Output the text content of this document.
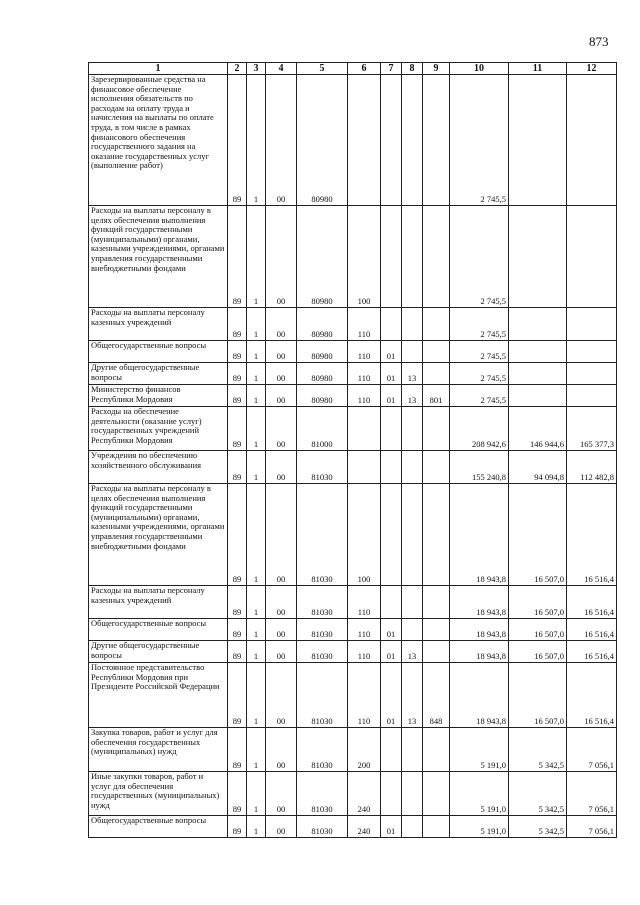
873
1	2	3	4	5	6	7	8	9	10	11	12
Зарезервированные средства на финансовое обеспечение исполнения обязательств по расходам на оплату труда и начисления на выплаты по оплате труда, в том числе в рамках финансового обеспечения государственного задания на оказание государственных услуг (выполнение работ)	89	1	00	80980					2 745,5		
Расходы на выплаты персоналу в целях обеспечения выполнения функций государственными (муниципальными) органами, казенными учреждениями, органами управления государственными внебюджетными фондами	89	1	00	80980	100				2 745,5		
Расходы на выплаты персоналу казенных учреждений	89	1	00	80980	110				2 745,5		
Общегосударственные вопросы	89	1	00	80980	110	01			2 745,5		
Другие общегосударственные вопросы	89	1	00	80980	110	01	13		2 745,5		
Министерство финансов Республики Мордовия	89	1	00	80980	110	01	13	801	2 745,5		
Расходы на обеспечение деятельности (оказание услуг) государственных учреждений Республики Мордовия	89	1	00	81000					208 942,6	146 944,6	165 377,3
Учреждения по обеспечению хозяйственного обслуживания	89	1	00	81030					155 240,8	94 094,8	112 482,8
Расходы на выплаты персоналу в целях обеспечения выполнения функций государственными (муниципальными) органами, казенными учреждениями, органами управления государственными внебюджетными фондами	89	1	00	81030	100				18 943,8	16 507,0	16 516,4
Расходы на выплаты персоналу казенных учреждений	89	1	00	81030	110				18 943,8	16 507,0	16 516,4
Общегосударственные вопросы	89	1	00	81030	110	01			18 943,8	16 507,0	16 516,4
Другие общегосударственные вопросы	89	1	00	81030	110	01	13		18 943,8	16 507,0	16 516,4
Постоянное представительство Республики Мордовия при Президенте Российской Федерации	89	1	00	81030	110	01	13	848	18 943,8	16 507,0	16 516,4
Закупка товаров, работ и услуг для обеспечения государственных (муниципальных) нужд	89	1	00	81030	200				5 191,0	5 342,5	7 056,1
Иные закупки товаров, работ и услуг для обеспечения государственных (муниципальных) нужд	89	1	00	81030	240				5 191,0	5 342,5	7 056,1
Общегосударственные вопросы	89	1	00	81030	240	01			5 191,0	5 342,5	7 056,1
